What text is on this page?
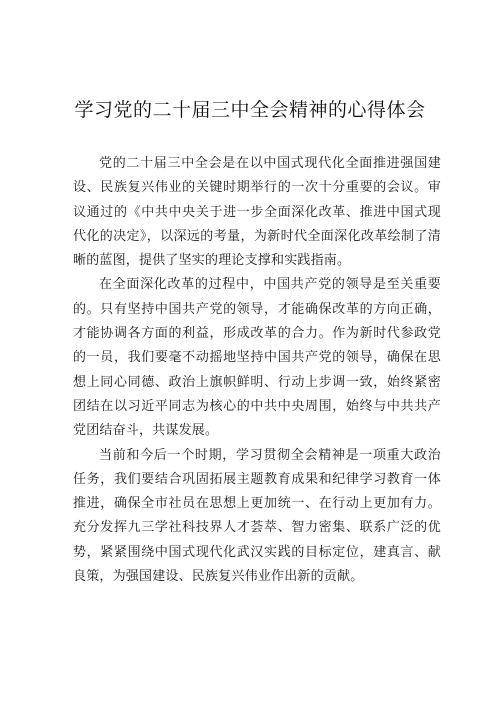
学习党的二十届三中全会精神的心得体会

党的二十届三中全会是在以中国式现代化全面推进强国建设、民族复兴伟业的关键时期举行的一次十分重要的会议。审议通过的《中共中央关于进一步全面深化改革、推进中国式现代化的决定》，以深远的考量，为新时代全面深化改革绘制了清晰的蓝图，提供了坚实的理论支撑和实践指南。

在全面深化改革的过程中，中国共产党的领导是至关重要的。只有坚持中国共产党的领导，才能确保改革的方向正确，才能协调各方面的利益，形成改革的合力。作为新时代参政党的一员，我们要毫不动摇地坚持中国共产党的领导，确保在思想上同心同德、政治上旗帜鲜明、行动上步调一致，始终紧密团结在以习近平同志为核心的中共中央周围，始终与中共共产党团结奋斗，共谋发展。

当前和今后一个时期，学习贯彻全会精神是一项重大政治任务，我们要结合巩固拓展主题教育成果和纪律学习教育一体推进，确保全市社员在思想上更加统一、在行动上更加有力。充分发挥九三学社科技界人才荟萃、智力密集、联系广泛的优势，紧紧围绕中国式现代化武汉实践的目标定位，建真言、献良策，为强国建设、民族复兴伟业作出新的贡献。
